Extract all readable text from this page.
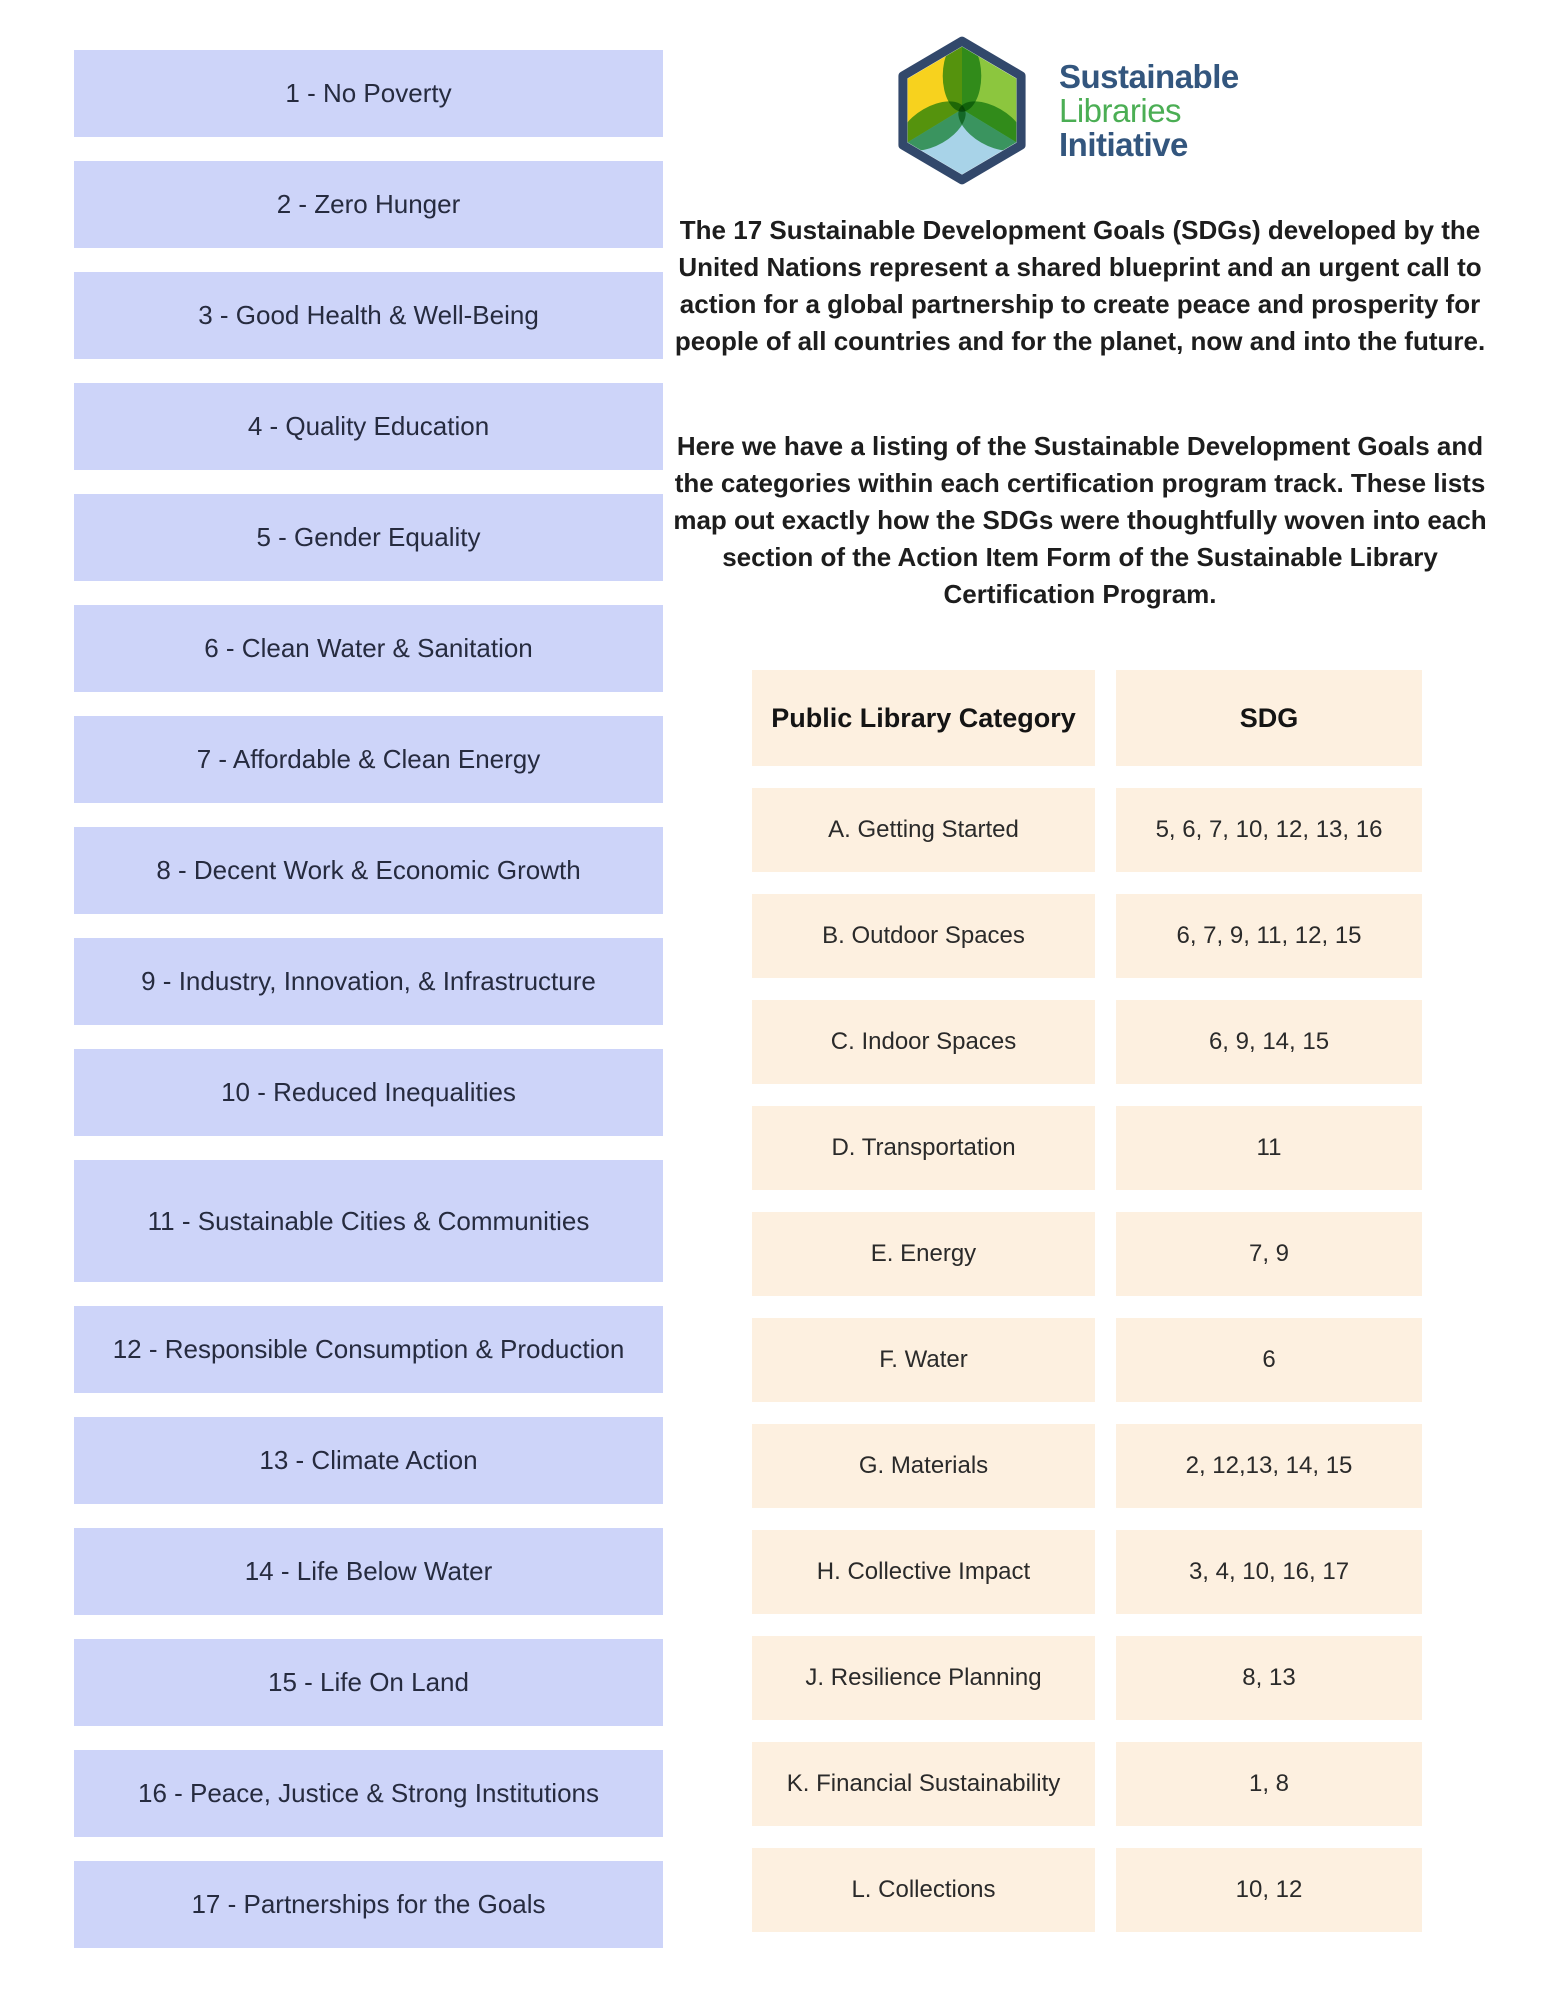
1 - No Poverty
2 - Zero Hunger
3 - Good Health & Well-Being
4 - Quality Education
5 - Gender Equality
6 - Clean Water & Sanitation
7 - Affordable & Clean Energy
8 - Decent Work & Economic Growth
9 - Industry, Innovation, & Infrastructure
10 - Reduced Inequalities
11 - Sustainable Cities & Communities
12 - Responsible Consumption & Production
13 - Climate Action
14 - Life Below Water
15 - Life On Land
16 - Peace, Justice & Strong Institutions
17 - Partnerships for the Goals
Sustainable
Libraries
Initiative
The 17 Sustainable Development Goals (SDGs) developed by the United Nations represent a shared blueprint and an urgent call to action for a global partnership to create peace and prosperity for people of all countries and for the planet, now and into the future.
Here we have a listing of the Sustainable Development Goals and the categories within each certification program track. These lists map out exactly how the SDGs were thoughtfully woven into each section of the Action Item Form of the Sustainable Library Certification Program.
Public Library Category	SDG
A. Getting Started	5, 6, 7, 10, 12, 13, 16
B. Outdoor Spaces	6, 7, 9, 11, 12, 15
C. Indoor Spaces	6, 9, 14, 15
D. Transportation	11
E. Energy	7, 9
F. Water	6
G. Materials	2, 12,13, 14, 15
H. Collective Impact	3, 4, 10, 16, 17
J. Resilience Planning	8, 13
K. Financial Sustainability	1, 8
L. Collections	10, 12
